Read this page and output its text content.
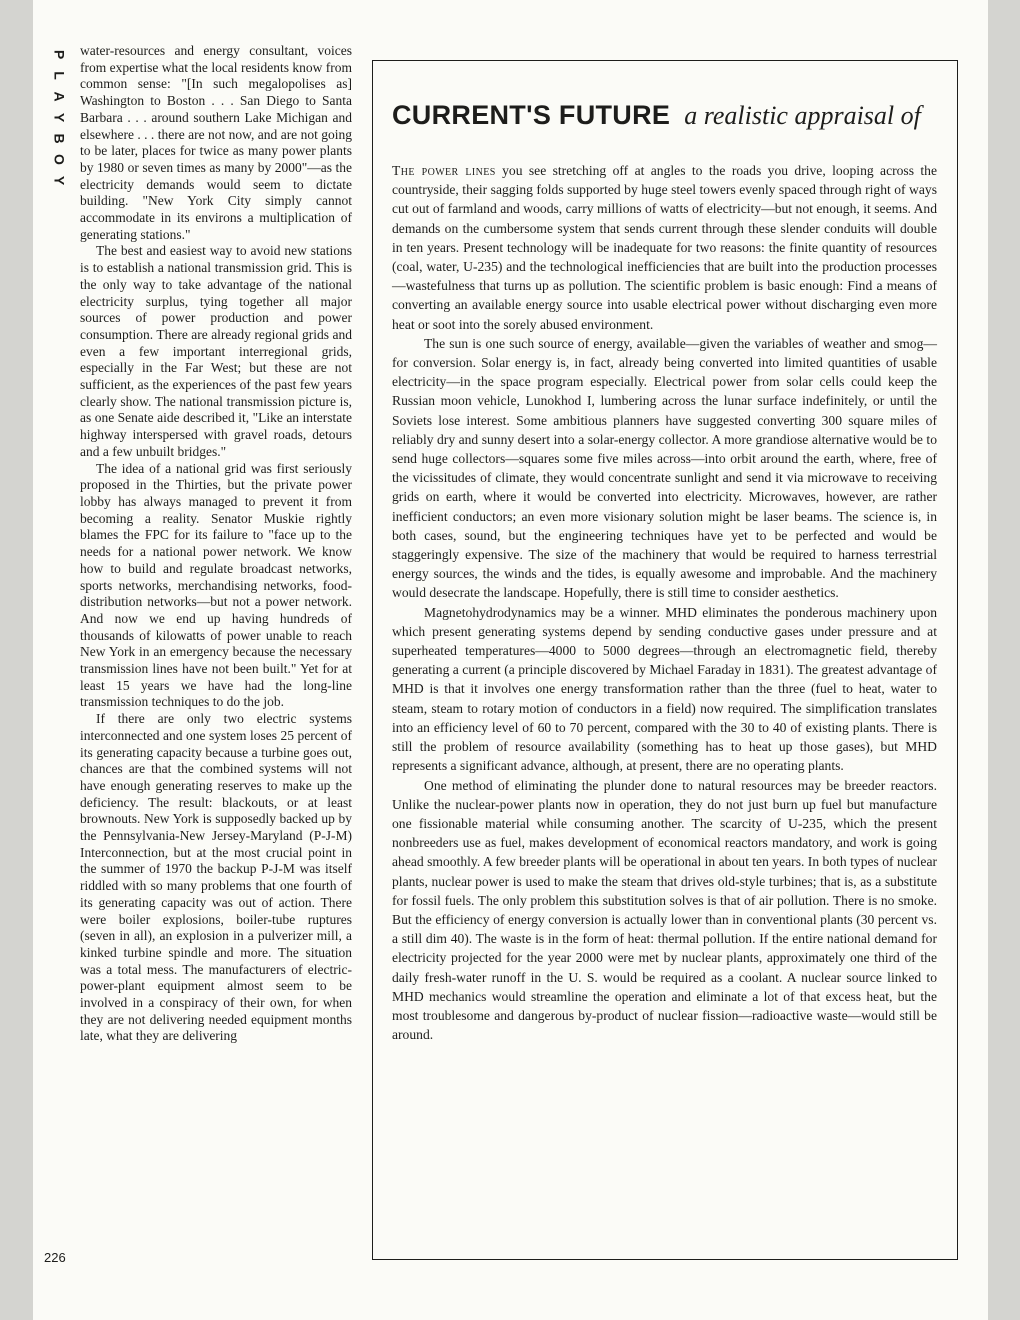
P
L
A
Y
B
O
Y
226

water-resources and energy consultant, voices from expertise what the local residents know from common sense: "[In such megalopolises as] Washington to Boston . . . San Diego to Santa Barbara . . . around southern Lake Michigan and elsewhere . . . there are not now, and are not going to be later, places for twice as many power plants by 1980 or seven times as many by 2000"—as the electricity demands would seem to dictate building. "New York City simply cannot accommodate in its environs a multiplication of generating stations."

The best and easiest way to avoid new stations is to establish a national transmission grid. This is the only way to take advantage of the national electricity surplus, tying together all major sources of power production and power consumption. There are already regional grids and even a few important interregional grids, especially in the Far West; but these are not sufficient, as the experiences of the past few years clearly show. The national transmission picture is, as one Senate aide described it, "Like an interstate highway interspersed with gravel roads, detours and a few unbuilt bridges."

The idea of a national grid was first seriously proposed in the Thirties, but the private power lobby has always managed to prevent it from becoming a reality. Senator Muskie rightly blames the FPC for its failure to "face up to the needs for a national power network. We know how to build and regulate broadcast networks, sports networks, merchandising networks, food-distribution networks—but not a power network. And now we end up having hundreds of thousands of kilowatts of power unable to reach New York in an emergency because the necessary transmission lines have not been built." Yet for at least 15 years we have had the long-line transmission techniques to do the job.

If there are only two electric systems interconnected and one system loses 25 percent of its generating capacity because a turbine goes out, chances are that the combined systems will not have enough generating reserves to make up the deficiency. The result: blackouts, or at least brownouts. New York is supposedly backed up by the Pennsylvania-New Jersey-Maryland (P-J-M) Interconnection, but at the most crucial point in the summer of 1970 the backup P-J-M was itself riddled with so many problems that one fourth of its generating capacity was out of action. There were boiler explosions, boiler-tube ruptures (seven in all), an explosion in a pulverizer mill, a kinked turbine spindle and more. The situation was a total mess. The manufacturers of electric-power-plant equipment almost seem to be involved in a conspiracy of their own, for when they are not delivering needed equipment months late, what they are delivering

CURRENT'S FUTURE a realistic appraisal of

The power lines you see stretching off at angles to the roads you drive, looping across the countryside, their sagging folds supported by huge steel towers evenly spaced through right of ways cut out of farmland and woods, carry millions of watts of electricity—but not enough, it seems. And demands on the cumbersome system that sends current through these slender conduits will double in ten years. Present technology will be inadequate for two reasons: the finite quantity of resources (coal, water, U-235) and the technological inefficiencies that are built into the production processes—wastefulness that turns up as pollution. The scientific problem is basic enough: Find a means of converting an available energy source into usable electrical power without discharging even more heat or soot into the sorely abused environment.

The sun is one such source of energy, available—given the variables of weather and smog—for conversion. Solar energy is, in fact, already being converted into limited quantities of usable electricity—in the space program especially. Electrical power from solar cells could keep the Russian moon vehicle, Lunokhod I, lumbering across the lunar surface indefinitely, or until the Soviets lose interest. Some ambitious planners have suggested converting 300 square miles of reliably dry and sunny desert into a solar-energy collector. A more grandiose alternative would be to send huge collectors—squares some five miles across—into orbit around the earth, where, free of the vicissitudes of climate, they would concentrate sunlight and send it via microwave to receiving grids on earth, where it would be converted into electricity. Microwaves, however, are rather inefficient conductors; an even more visionary solution might be laser beams. The science is, in both cases, sound, but the engineering techniques have yet to be perfected and would be staggeringly expensive. The size of the machinery that would be required to harness terrestrial energy sources, the winds and the tides, is equally awesome and improbable. And the machinery would desecrate the landscape. Hopefully, there is still time to consider aesthetics.

Magnetohydrodynamics may be a winner. MHD eliminates the ponderous machinery upon which present generating systems depend by sending conductive gases under pressure and at superheated temperatures—4000 to 5000 degrees—through an electromagnetic field, thereby generating a current (a principle discovered by Michael Faraday in 1831). The greatest advantage of MHD is that it involves one energy transformation rather than the three (fuel to heat, water to steam, steam to rotary motion of conductors in a field) now required. The simplification translates into an efficiency level of 60 to 70 percent, compared with the 30 to 40 of existing plants. There is still the problem of resource availability (something has to heat up those gases), but MHD represents a significant advance, although, at present, there are no operating plants.

One method of eliminating the plunder done to natural resources may be breeder reactors. Unlike the nuclear-power plants now in operation, they do not just burn up fuel but manufacture one fissionable material while consuming another. The scarcity of U-235, which the present nonbreeders use as fuel, makes development of economical reactors mandatory, and work is going ahead smoothly. A few breeder plants will be operational in about ten years. In both types of nuclear plants, nuclear power is used to make the steam that drives old-style turbines; that is, as a substitute for fossil fuels. The only problem this substitution solves is that of air pollution. There is no smoke. But the efficiency of energy conversion is actually lower than in conventional plants (30 percent vs. a still dim 40). The waste is in the form of heat: thermal pollution. If the entire national demand for electricity projected for the year 2000 were met by nuclear plants, approximately one third of the daily fresh-water runoff in the U. S. would be required as a coolant. A nuclear source linked to MHD mechanics would streamline the operation and eliminate a lot of that excess heat, but the most troublesome and dangerous by-product of nuclear fission—radioactive waste—would still be around.
